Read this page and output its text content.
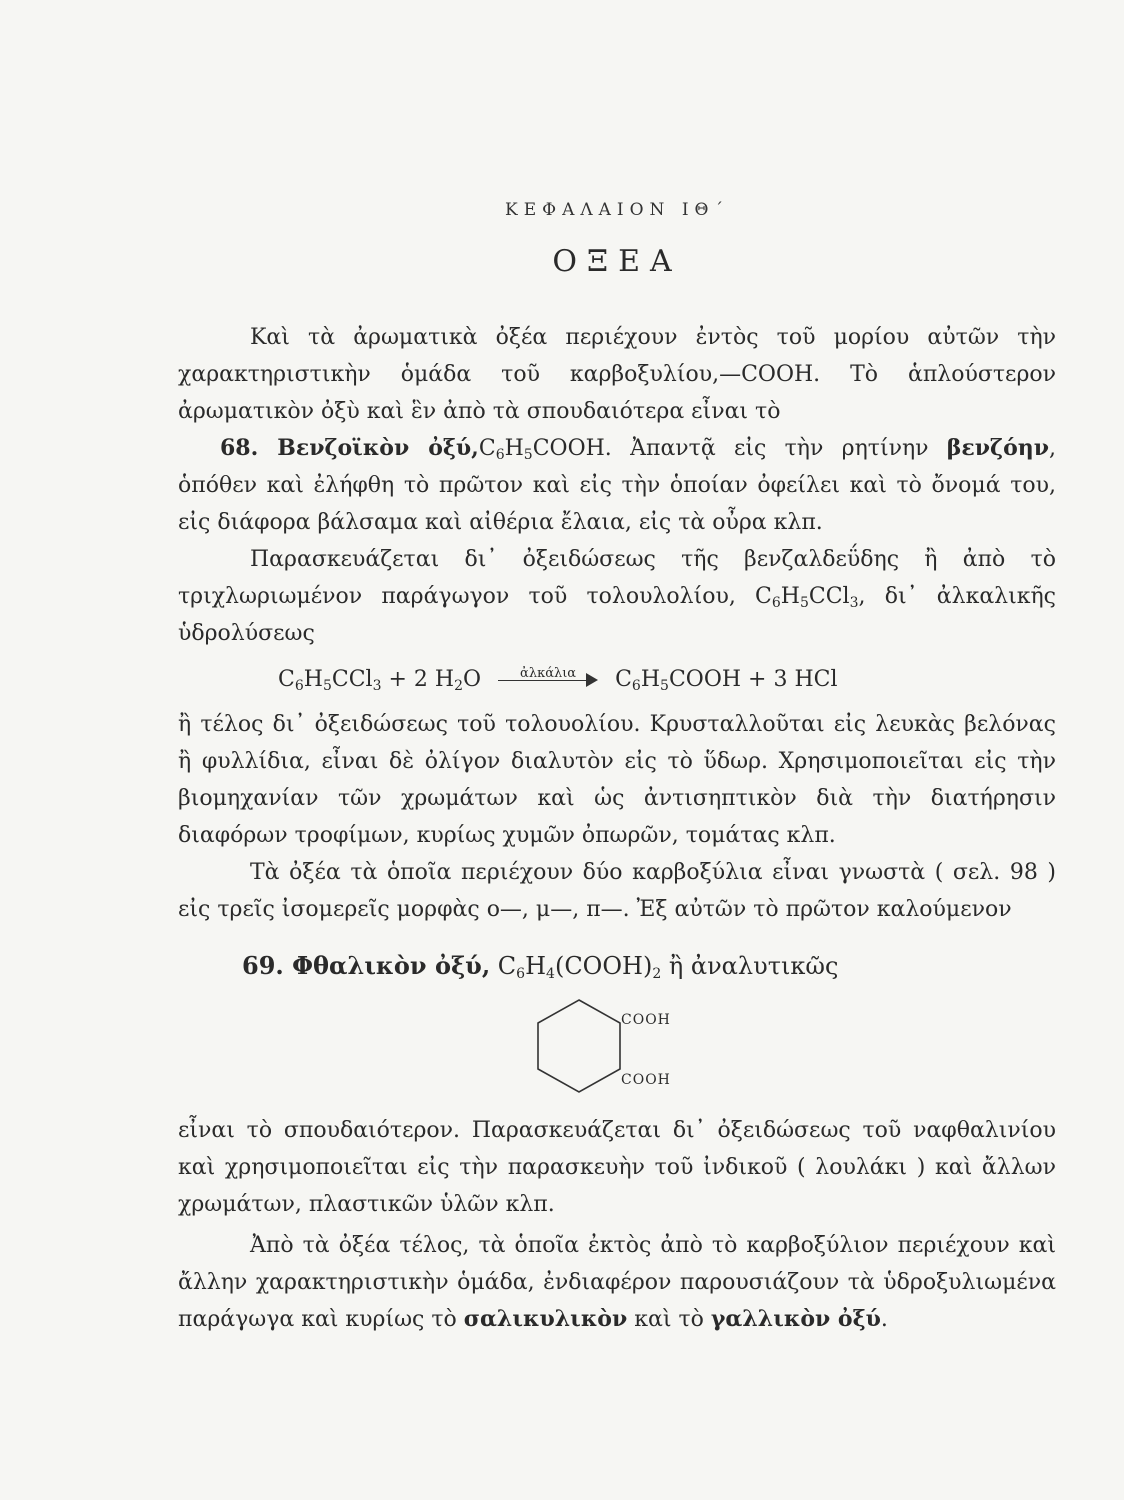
ΚΕΦΑΛΑΙΟΝ ΙΘ΄
ΟΞΕΑ

Καὶ τὰ ἀρωματικὰ ὀξέα περιέχουν ἐντὸς τοῦ μορίου αὐτῶν τὴν χαρακτηριστικὴν ὁμάδα τοῦ καρβοξυλίου,—COOH. Τὸ ἁπλούστερον ἀρωματικὸν ὀξὺ καὶ ἓν ἀπὸ τὰ σπουδαιότερα εἶναι τὸ

68. Βενζοϊκὸν $ὀ\xi ύ,C_6H_5COOH$. Ἀπαντᾷ εἰς τὴν ρητίνην βενζόην, ὁπόθεν καὶ ἐλήφθη τὸ πρῶτον καὶ εἰς τὴν ὁποίαν ὀφείλει καὶ τὸ ὄνομά του, εἰς διάφορα βάλσαμα καὶ αἰθέρια ἔλαια, εἰς τὰ οὖρα κλπ.

Παρασκευάζεται δι᾽ ὀξειδώσεως τῆς βενζαλδεΰδης ἢ ἀπὸ τὸ τριχλωριωμένον παράγωγον τοῦ τολουλολίου, $C_6H_5CCl_3$, δι᾽ ἀλκαλικῆς ὑδρολύσεως

$C_6H_5CCl_3 + 2$ $H_2O$	ἀλκάλια	$C_6H_5COOH + 3$ HCl

ἢ τέλος δι᾽ ὀξειδώσεως τοῦ τολουολίου. Κρυσταλλοῦται εἰς λευκὰς βελόνας ἢ φυλλίδια, εἶναι δὲ ὀλίγον διαλυτὸν εἰς τὸ ὕδωρ. Χρησιμοποιεῖται εἰς τὴν βιομηχανίαν τῶν χρωμάτων καὶ ὡς ἀντισηπτικὸν διὰ τὴν διατήρησιν διαφόρων τροφίμων, κυρίως χυμῶν ὀπωρῶν, τομάτας κλπ.

Τὰ ὀξέα τὰ ὁποῖα περιέχουν δύο καρβοξύλια εἶναι γνωστὰ ( σελ. 98 ) εἰς τρεῖς ἰσομερεῖς μορφὰς ο—, μ—, π—. Ἐξ αὐτῶν τὸ πρῶτον καλούμενον

69. Φθαλικὸν ὀξύ, $C_6H_4(COOH)_2$ ἢ ἀναλυτικῶς
COOH
COOH

εἶναι τὸ σπουδαιότερον. Παρασκευάζεται δι᾽ ὀξειδώσεως τοῦ ναφθαλινίου καὶ χρησιμοποιεῖται εἰς τὴν παρασκευὴν τοῦ ἰνδικοῦ ( λουλάκι ) καὶ ἄλλων χρωμάτων, πλαστικῶν ὑλῶν κλπ.

Ἀπὸ τὰ ὀξέα τέλος, τὰ ὁποῖα ἐκτὸς ἀπὸ τὸ καρβοξύλιον περιέχουν καὶ ἄλλην χαρακτηριστικὴν ὁμάδα, ἐνδιαφέρον παρουσιάζουν τὰ ὑδροξυλιωμένα παράγωγα καὶ κυρίως τὸ σαλικυλικὸν καὶ τὸ γαλλικὸν ὀξύ.
